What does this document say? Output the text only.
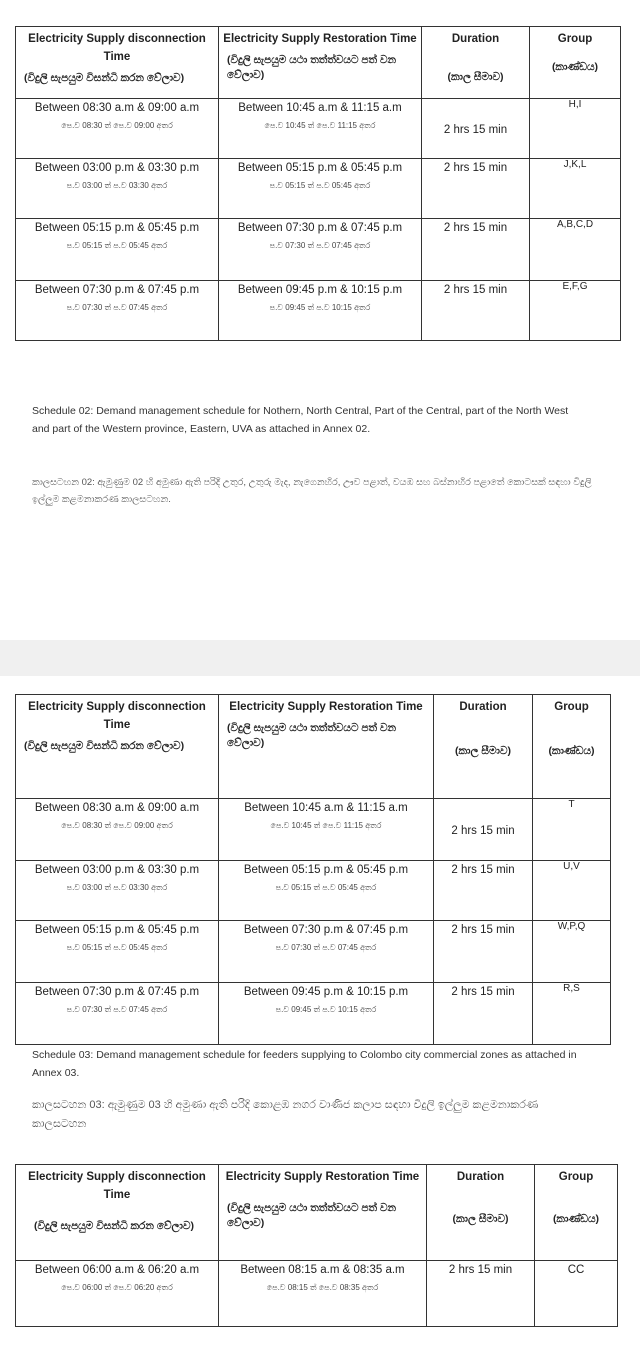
Electricity Supply disconnection Time
(විදුලි සැපයුම විසන්ධි කරන වේලාව)	Electricity Supply Restoration Time
(විදුලි සැපයුම යථා තත්ත්වයට පත් වන වේලාව)	Duration
(කාල සීමාව)	Group
(කාණ්ඩය)

Between 08:30 a.m & 09:00 a.m
පෙ.ව 08:30 ත් පෙ.ව 09:00 අතර	Between 10:45 a.m & 11:15 a.m
පෙ.ව 10:45 ත් පෙ.ව 11:15 අතර	2 hrs 15 min	H,I

Between 03:00 p.m & 03:30 p.m
ප.ව 03:00 ත් ප.ව 03:30 අතර	Between 05:15 p.m & 05:45 p.m
ප.ව 05:15 ත් ප.ව 05:45 අතර	2 hrs 15 min	J,K,L

Between 05:15 p.m & 05:45 p.m
ප.ව 05:15 ත් ප.ව 05:45 අතර	Between 07:30 p.m & 07:45 p.m
ප.ව 07:30 ත් ප.ව 07:45 අතර	2 hrs 15 min	A,B,C,D

Between 07:30 p.m & 07:45 p.m
ප.ව 07:30 ත් ප.ව 07:45 අතර	Between 09:45 p.m & 10:15 p.m
ප.ව 09:45 ත් ප.ව 10:15 අතර	2 hrs 15 min	E,F,G
Schedule 02: Demand management schedule for Nothern, North Central, Part of the Central, part of the North West and part of the Western province, Eastern, UVA as attached in Annex 02.
කාලසටහන 02: ඇමුණුම 02 හි අමුණා ඇති පරිදි උතුර, උතුරු මැද, නැගෙනහිර, ඌව පළාත්, වයඹ සහ බස්නාහිර පළාතේ කොටසක් සඳහා විදුලි ඉල්ලුම කළමනාකරණ කාලසටහන.
Electricity Supply disconnection Time
(විදුලි සැපයුම විසන්ධි කරන වේලාව)	Electricity Supply Restoration Time
(විදුලි සැපයුම යථා තත්ත්වයට පත් වන වේලාව)	Duration
(කාල සීමාව)	Group
(කාණ්ඩය)

Between 08:30 a.m & 09:00 a.m
පෙ.ව 08:30 ත් පෙ.ව 09:00 අතර	Between 10:45 a.m & 11:15 a.m
පෙ.ව 10:45 ත් පෙ.ව 11:15 අතර	2 hrs 15 min	T

Between 03:00 p.m & 03:30 p.m
ප.ව 03:00 ත් ප.ව 03:30 අතර	Between 05:15 p.m & 05:45 p.m
ප.ව 05:15 ත් ප.ව 05:45 අතර	2 hrs 15 min	U,V

Between 05:15 p.m & 05:45 p.m
ප.ව 05:15 ත් ප.ව 05:45 අතර	Between 07:30 p.m & 07:45 p.m
ප.ව 07:30 ත් ප.ව 07:45 අතර	2 hrs 15 min	W,P,Q

Between 07:30 p.m & 07:45 p.m
ප.ව 07:30 ත් ප.ව 07:45 අතර	Between 09:45 p.m & 10:15 p.m
ප.ව 09:45 ත් ප.ව 10:15 අතර	2 hrs 15 min	R,S
Schedule 03: Demand management schedule for feeders supplying to Colombo city commercial zones as attached in Annex 03.
කාලසටහන 03: ඇමුණුම 03 හි අමුණා ඇති පරිදි කොළඹ නගර වාණිජ කලාප සඳහා විදුලි ඉල්ලුම කළමනාකරණ කාලසටහන
Electricity Supply disconnection Time
(විදුලි සැපයුම විසන්ධි කරන වේලාව)	Electricity Supply Restoration Time
(විදුලි සැපයුම යථා තත්ත්වයට පත් වන වේලාව)	Duration
(කාල සීමාව)	Group
(කාණ්ඩය)

Between 06:00 a.m & 06:20 a.m
පෙ.ව 06:00 ත් පෙ.ව 06:20 අතර	Between 08:15 a.m & 08:35 a.m
පෙ.ව 08:15 ත් පෙ.ව 08:35 අතර	2 hrs 15 min	CC
